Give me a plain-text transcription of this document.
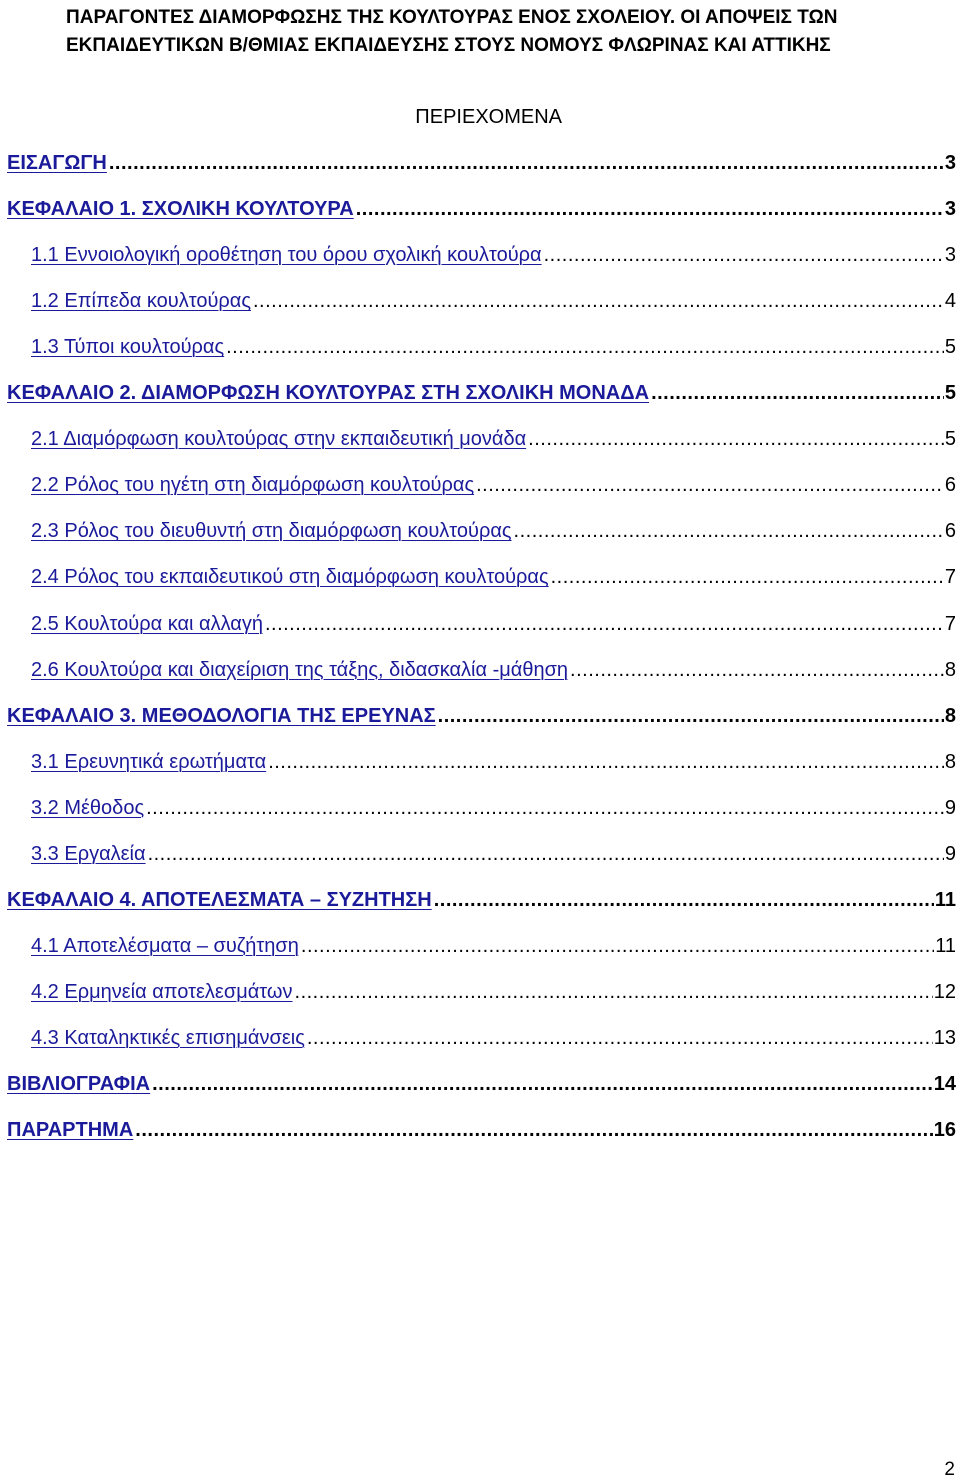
ΠΑΡΑΓΟΝΤΕΣ ΔΙΑΜΟΡΦΩΣΗΣ ΤΗΣ ΚΟΥΛΤΟΥΡΑΣ ΕΝΟΣ ΣΧΟΛΕΙΟΥ. ΟΙ ΑΠΟΨΕΙΣ ΤΩΝ
ΕΚΠΑΙΔΕΥΤΙΚΩΝ Β/ΘΜΙΑΣ ΕΚΠΑΙΔΕΥΣΗΣ ΣΤΟΥΣ ΝΟΜΟΥΣ ΦΛΩΡΙΝΑΣ ΚΑΙ ΑΤΤΙΚΗΣ
ΠΕΡΙΕΧΟΜΕΝΑ
ΕΙΣΑΓΩΓΗ .....	3
ΚΕΦΑΛΑΙΟ 1. ΣΧΟΛΙΚΗ ΚΟΥΛΤΟΥΡΑ .....	3
1.1 Εννοιολογική οροθέτηση του όρου σχολική κουλτούρα .....	3
1.2 Επίπεδα κουλτούρας .....	4
1.3 Τύποι κουλτούρας .....	5
ΚΕΦΑΛΑΙΟ 2. ΔΙΑΜΟΡΦΩΣΗ ΚΟΥΛΤΟΥΡΑΣ ΣΤΗ ΣΧΟΛΙΚΗ ΜΟΝΑΔΑ .....	5
2.1 Διαμόρφωση κουλτούρας στην εκπαιδευτική μονάδα .....	5
2.2 Ρόλος του ηγέτη στη διαμόρφωση κουλτούρας .....	6
2.3 Ρόλος του διευθυντή στη διαμόρφωση κουλτούρας .....	6
2.4 Ρόλος του εκπαιδευτικού στη διαμόρφωση κουλτούρας .....	7
2.5 Κουλτούρα και αλλαγή .....	7
2.6 Κουλτούρα και διαχείριση της τάξης, διδασκαλία -μάθηση .....	8
ΚΕΦΑΛΑΙΟ 3. ΜΕΘΟΔΟΛΟΓΙΑ ΤΗΣ ΕΡΕΥΝΑΣ .....	8
3.1 Ερευνητικά ερωτήματα .....	8
3.2 Μέθοδος .....	9
3.3 Εργαλεία .....	9
ΚΕΦΑΛΑΙΟ 4. ΑΠΟΤΕΛΕΣΜΑΤΑ – ΣΥΖΗΤΗΣΗ .....	11
4.1 Αποτελέσματα – συζήτηση .....	11
4.2 Ερμηνεία αποτελεσμάτων .....	12
4.3 Καταληκτικές επισημάνσεις .....	13
ΒΙΒΛΙΟΓΡΑΦΙΑ .....	14
ΠΑΡΑΡΤΗΜΑ .....	16

2
